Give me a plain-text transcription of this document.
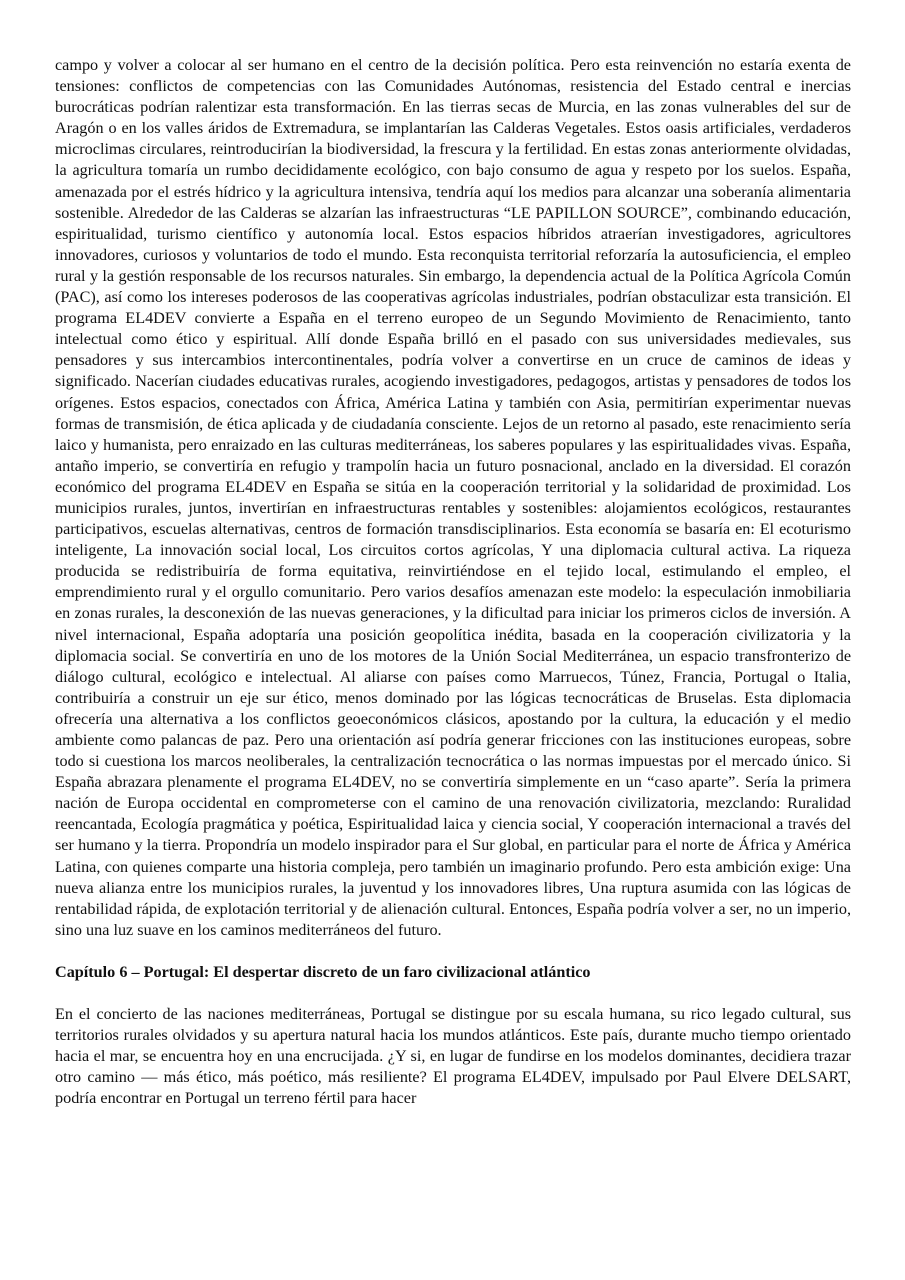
campo y volver a colocar al ser humano en el centro de la decisión política. Pero esta reinvención no estaría exenta de tensiones: conflictos de competencias con las Comunidades Autónomas, resistencia del Estado central e inercias burocráticas podrían ralentizar esta transformación. En las tierras secas de Murcia, en las zonas vulnerables del sur de Aragón o en los valles áridos de Extremadura, se implantarían las Calderas Vegetales. Estos oasis artificiales, verdaderos microclimas circulares, reintroducirían la biodiversidad, la frescura y la fertilidad. En estas zonas anteriormente olvidadas, la agricultura tomaría un rumbo decididamente ecológico, con bajo consumo de agua y respeto por los suelos. España, amenazada por el estrés hídrico y la agricultura intensiva, tendría aquí los medios para alcanzar una soberanía alimentaria sostenible. Alrededor de las Calderas se alzarían las infraestructuras “LE PAPILLON SOURCE”, combinando educación, espiritualidad, turismo científico y autonomía local. Estos espacios híbridos atraerían investigadores, agricultores innovadores, curiosos y voluntarios de todo el mundo. Esta reconquista territorial reforzaría la autosuficiencia, el empleo rural y la gestión responsable de los recursos naturales. Sin embargo, la dependencia actual de la Política Agrícola Común (PAC), así como los intereses poderosos de las cooperativas agrícolas industriales, podrían obstaculizar esta transición. El programa EL4DEV convierte a España en el terreno europeo de un Segundo Movimiento de Renacimiento, tanto intelectual como ético y espiritual. Allí donde España brilló en el pasado con sus universidades medievales, sus pensadores y sus intercambios intercontinentales, podría volver a convertirse en un cruce de caminos de ideas y significado. Nacerían ciudades educativas rurales, acogiendo investigadores, pedagogos, artistas y pensadores de todos los orígenes. Estos espacios, conectados con África, América Latina y también con Asia, permitirían experimentar nuevas formas de transmisión, de ética aplicada y de ciudadanía consciente. Lejos de un retorno al pasado, este renacimiento sería laico y humanista, pero enraizado en las culturas mediterráneas, los saberes populares y las espiritualidades vivas. España, antaño imperio, se convertiría en refugio y trampolín hacia un futuro posnacional, anclado en la diversidad. El corazón económico del programa EL4DEV en España se sitúa en la cooperación territorial y la solidaridad de proximidad. Los municipios rurales, juntos, invertirían en infraestructuras rentables y sostenibles: alojamientos ecológicos, restaurantes participativos, escuelas alternativas, centros de formación transdisciplinarios. Esta economía se basaría en: El ecoturismo inteligente, La innovación social local, Los circuitos cortos agrícolas, Y una diplomacia cultural activa. La riqueza producida se redistribuiría de forma equitativa, reinvirtiéndose en el tejido local, estimulando el empleo, el emprendimiento rural y el orgullo comunitario. Pero varios desafíos amenazan este modelo: la especulación inmobiliaria en zonas rurales, la desconexión de las nuevas generaciones, y la dificultad para iniciar los primeros ciclos de inversión. A nivel internacional, España adoptaría una posición geopolítica inédita, basada en la cooperación civilizatoria y la diplomacia social. Se convertiría en uno de los motores de la Unión Social Mediterránea, un espacio transfronterizo de diálogo cultural, ecológico e intelectual. Al aliarse con países como Marruecos, Túnez, Francia, Portugal o Italia, contribuiría a construir un eje sur ético, menos dominado por las lógicas tecnocráticas de Bruselas. Esta diplomacia ofrecería una alternativa a los conflictos geoeconómicos clásicos, apostando por la cultura, la educación y el medio ambiente como palancas de paz. Pero una orientación así podría generar fricciones con las instituciones europeas, sobre todo si cuestiona los marcos neoliberales, la centralización tecnocrática o las normas impuestas por el mercado único. Si España abrazara plenamente el programa EL4DEV, no se convertiría simplemente en un “caso aparte”. Sería la primera nación de Europa occidental en comprometerse con el camino de una renovación civilizatoria, mezclando: Ruralidad reencantada, Ecología pragmática y poética, Espiritualidad laica y ciencia social, Y cooperación internacional a través del ser humano y la tierra. Propondría un modelo inspirador para el Sur global, en particular para el norte de África y América Latina, con quienes comparte una historia compleja, pero también un imaginario profundo. Pero esta ambición exige: Una nueva alianza entre los municipios rurales, la juventud y los innovadores libres, Una ruptura asumida con las lógicas de rentabilidad rápida, de explotación territorial y de alienación cultural. Entonces, España podría volver a ser, no un imperio, sino una luz suave en los caminos mediterráneos del futuro.

Capítulo 6 – Portugal: El despertar discreto de un faro civilizacional atlántico

En el concierto de las naciones mediterráneas, Portugal se distingue por su escala humana, su rico legado cultural, sus territorios rurales olvidados y su apertura natural hacia los mundos atlánticos. Este país, durante mucho tiempo orientado hacia el mar, se encuentra hoy en una encrucijada. ¿Y si, en lugar de fundirse en los modelos dominantes, decidiera trazar otro camino — más ético, más poético, más resiliente? El programa EL4DEV, impulsado por Paul Elvere DELSART, podría encontrar en Portugal un terreno fértil para hacer
